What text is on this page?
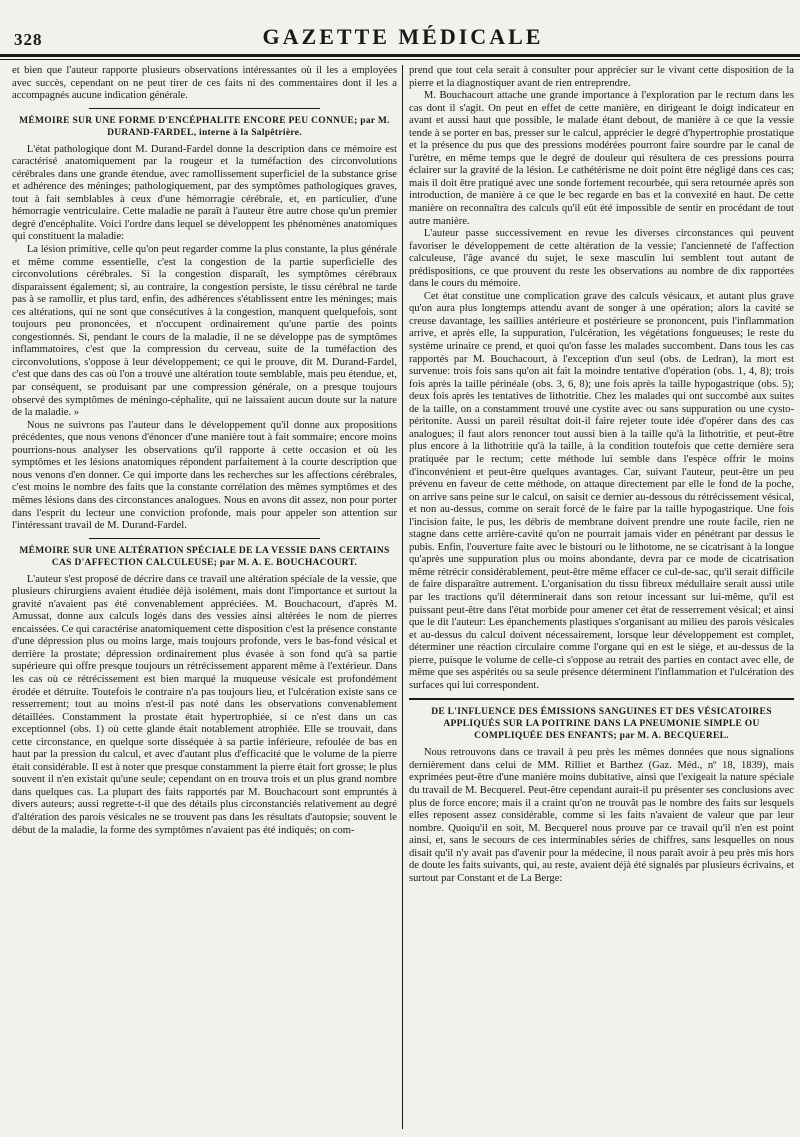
328	GAZETTE MÉDICALE

et bien que l'auteur rapporte plusieurs observations intéressantes où il les a employées avec succès, cependant on ne peut tirer de ces faits ni des commentaires dont il les a accompagnés aucune indication générale.

MÉMOIRE SUR UNE FORME D'ENCÉPHALITE ENCORE PEU CONNUE; par M. DURAND-FARDEL, interne à la Salpêtrière.

L'état pathologique dont M. Durand-Fardel donne la description dans ce mémoire est caractérisé anatomiquement par la rougeur et la tuméfaction des circonvolutions cérébrales dans une grande étendue, avec ramollissement superficiel de la substance grise et adhérence des méninges; pathologiquement, par des symptômes pathologiques graves, tout à fait semblables à ceux d'une hémorragie cérébrale, et, en particulier, d'une hémorragie ventriculaire. Cette maladie ne paraît à l'auteur être autre chose qu'un premier degré d'encéphalite. Voici l'ordre dans lequel se développent les phénomènes anatomiques qui constituent la maladie:

La lésion primitive, celle qu'on peut regarder comme la plus constante, la plus générale et même comme essentielle, c'est la congestion de la partie superficielle des circonvolutions cérébrales. Si la congestion disparaît, les symptômes cérébraux disparaissent également; si, au contraire, la congestion persiste, le tissu cérébral ne tarde pas à se ramollir, et plus tard, enfin, des adhérences s'établissent entre les méninges; mais ces altérations, qui ne sont que consécutives à la congestion, manquent quelquefois, sont toujours peu prononcées, et n'occupent ordinairement qu'une partie des points congestionnés. Si, pendant le cours de la maladie, il ne se développe pas de symptômes inflammatoires, c'est que la compression du cerveau, suite de la tuméfaction des circonvolutions, s'oppose à leur développement; ce qui le prouve, dit M. Durand-Fardel, c'est que dans des cas où l'on a trouvé une altération toute semblable, mais peu étendue, et, par conséquent, se produisant par une compression générale, on a presque toujours observé des symptômes de méningo-céphalite, qui ne laissaient aucun doute sur la nature de la maladie. »

Nous ne suivrons pas l'auteur dans le développement qu'il donne aux propositions précédentes, que nous venons d'énoncer d'une manière tout à fait sommaire; encore moins pourrions-nous analyser les observations qu'il rapporte à cette occasion et où les symptômes et les lésions anatomiques répondent parfaitement à la courte description que nous venons d'en donner. Ce qui importe dans les recherches sur les affections cérébrales, c'est moins le nombre des faits que la constante corrélation des mêmes symptômes et des mêmes lésions dans des circonstances analogues. Nous en avons dit assez, non pour porter dans l'esprit du lecteur une conviction profonde, mais pour appeler son attention sur l'intéressant travail de M. Durand-Fardel.

MÉMOIRE SUR UNE ALTÉRATION SPÉCIALE DE LA VESSIE DANS CERTAINS CAS D'AFFECTION CALCULEUSE; par M. A. E. BOUCHACOURT.

L'auteur s'est proposé de décrire dans ce travail une altération spéciale de la vessie, que plusieurs chirurgiens avaient étudiée déjà isolément, mais dont l'importance et surtout la gravité n'avaient pas été convenablement appréciées. M. Bouchacourt, d'après M. Amussat, donne aux calculs logés dans des vessies ainsi altérées le nom de pierres encaissées. Ce qui caractérise anatomiquement cette disposition c'est la présence constante d'une dépression plus ou moins large, mais toujours profonde, vers le bas-fond vésical et derrière la prostate; dépression ordinairement plus évasée à son fond qu'à sa partie supérieure qui offre presque toujours un rétrécissement apparent même à l'extérieur. Dans les cas où ce rétrécissement est bien marqué la muqueuse vésicale est profondément érodée et détruite. Toutefois le contraire n'a pas toujours lieu, et l'ulcération existe sans ce resserrement; tout au moins n'est-il pas noté dans les observations convenablement détaillées. Constamment la prostate était hypertrophiée, si ce n'est dans un cas exceptionnel (obs. 1) où cette glande était notablement atrophiée. Elle se trouvait, dans cette circonstance, en quelque sorte disséquée à sa partie inférieure, refoulée de bas en haut par la pression du calcul, et avec d'autant plus d'efficacité que le volume de la pierre était considérable. Il est à noter que presque constamment la pierre était fort grosse; le plus souvent il n'en existait qu'une seule; cependant on en trouva trois et un plus grand nombre dans quelques cas. La plupart des faits rapportés par M. Bouchacourt sont empruntés à divers auteurs; aussi regrette-t-il que des détails plus circonstanciés relativement au degré d'altération des parois vésicales ne se trouvent pas dans les résultats d'autopsie; souvent le début de la maladie, la forme des symptômes n'avaient pas été indiqués; on com-

prend que tout cela serait à consulter pour apprécier sur le vivant cette disposition de la pierre et la diagnostiquer avant de rien entreprendre.

M. Bouchacourt attache une grande importance à l'exploration par le rectum dans les cas dont il s'agit. On peut en effet de cette manière, en dirigeant le doigt indicateur en avant et aussi haut que possible, le malade étant debout, de manière à ce que la vessie tende à se porter en bas, presser sur le calcul, apprécier le degré d'hypertrophie prostatique et la présence du pus que des pressions modérées pourront faire sourdre par le canal de l'urètre, en même temps que le degré de douleur qui résultera de ces pressions pourra éclairer sur la gravité de la lésion. Le cathétérisme ne doit point être négligé dans ces cas; mais il doit être pratiqué avec une sonde fortement recourbée, qui sera retournée après son introduction, de manière à ce que le bec regarde en bas et la convexité en haut. De cette manière on reconnaîtra des calculs qu'il eût été impossible de sentir en procédant de tout autre manière.

L'auteur passe successivement en revue les diverses circonstances qui peuvent favoriser le développement de cette altération de la vessie; l'ancienneté de l'affection calculeuse, l'âge avancé du sujet, le sexe masculin lui semblent tout autant de prédispositions, ce que prouvent du reste les observations au nombre de dix rapportées dans le cours du mémoire.

Cet état constitue une complication grave des calculs vésicaux, et autant plus grave qu'on aura plus longtemps attendu avant de songer à une opération; alors la cavité se creuse davantage, les saillies antérieure et postérieure se prononcent, puis l'inflammation arrive, et après elle, la suppuration, l'ulcération, les végétations fongueuses; le reste du système urinaire ce prend, et quoi qu'on fasse les malades succombent. Dans tous les cas rapportés par M. Bouchacourt, à l'exception d'un seul (obs. de Ledran), la mort est survenue: trois fois sans qu'on ait fait la moindre tentative d'opération (obs. 1, 4, 8); trois fois après la taille périnéale (obs. 3, 6, 8); une fois après la taille hypogastrique (obs. 5); deux fois après les tentatives de lithotritie. Chez les malades qui ont succombé aux suites de la taille, on a constamment trouvé une cystite avec ou sans suppuration ou une cysto-péritonite. Aussi un pareil résultat doit-il faire rejeter toute idée d'opérer dans des cas analogues; il faut alors renoncer tout aussi bien à la taille qu'à la lithotritie, et peut-être plus encore à la lithotritie qu'à la taille, à la condition toutefois que cette dernière sera pratiquée par le rectum; cette méthode lui semble dans l'espèce offrir le moins d'inconvénient et peut-être quelques avantages. Car, suivant l'auteur, peut-être un peu prévenu en faveur de cette méthode, on attaque directement par elle le fond de la poche, on arrive sans peine sur le calcul, on saisit ce dernier au-dessous du rétrécissement vésical, et non au-dessus, comme on serait forcé de le faire par la taille hypogastrique. Une fois l'incision faite, le pus, les débris de membrane doivent prendre une route facile, rien ne stagne dans cette arrière-cavité qu'on ne pourrait jamais vider en pénétrant par dessus le pubis. Enfin, l'ouverture faite avec le bistouri ou le lithotome, ne se cicatrisant à la longue qu'après une suppuration plus ou moins abondante, devra par ce mode de cicatrisation même rétrécir considérablement, peut-être même effacer ce cul-de-sac, qu'il serait difficile de faire disparaître autrement. L'organisation du tissu fibreux médullaire serait aussi utile par les tractions qu'il déterminerait dans son retour incessant sur lui-même, qu'il est puissant peut-être dans l'état morbide pour amener cet état de resserrement vésical; et ainsi que le dit l'auteur: Les épanchements plastiques s'organisant au milieu des parois vésicales et au-dessus du calcul doivent nécessairement, lorsque leur développement est complet, déterminer une réaction circulaire comme l'organe qui en est le siége, et au-dessus de la pierre, puisque le volume de celle-ci s'oppose au retrait des parties en contact avec elle, de même que ses aspérités ou sa seule présence déterminent l'inflammation et l'ulcération des surfaces qui lui correspondent.

DE L'INFLUENCE DES ÉMISSIONS SANGUINES ET DES VÉSICATOIRES APPLIQUÉS SUR LA POITRINE DANS LA PNEUMONIE SIMPLE OU COMPLIQUÉE DES ENFANTS; par M. A. BECQUEREL.

Nous retrouvons dans ce travail à peu près les mêmes données que nous signalions dernièrement dans celui de MM. Rilliet et Barthez (Gaz. Méd., nº 18, 1839), mais exprimées peut-être d'une manière moins dubitative, ainsi que l'exigeait la nature spéciale du travail de M. Becquerel. Peut-être cependant aurait-il pu présenter ses conclusions avec plus de force encore; mais il a craint qu'on ne trouvât pas le nombre des faits sur lesquels elles reposent assez considérable, comme si les faits n'avaient de valeur que par leur nombre. Quoiqu'il en soit, M. Becquerel nous prouve par ce travail qu'il n'en est point ainsi, et, sans le secours de ces interminables séries de chiffres, sans lesquelles on nous disait qu'il n'y avait pas d'avenir pour la médecine, il nous paraît avoir à peu près mis hors de doute les faits suivants, qui, au reste, avaient déjà été signalés par plusieurs écrivains, et surtout par Constant et de La Berge:
